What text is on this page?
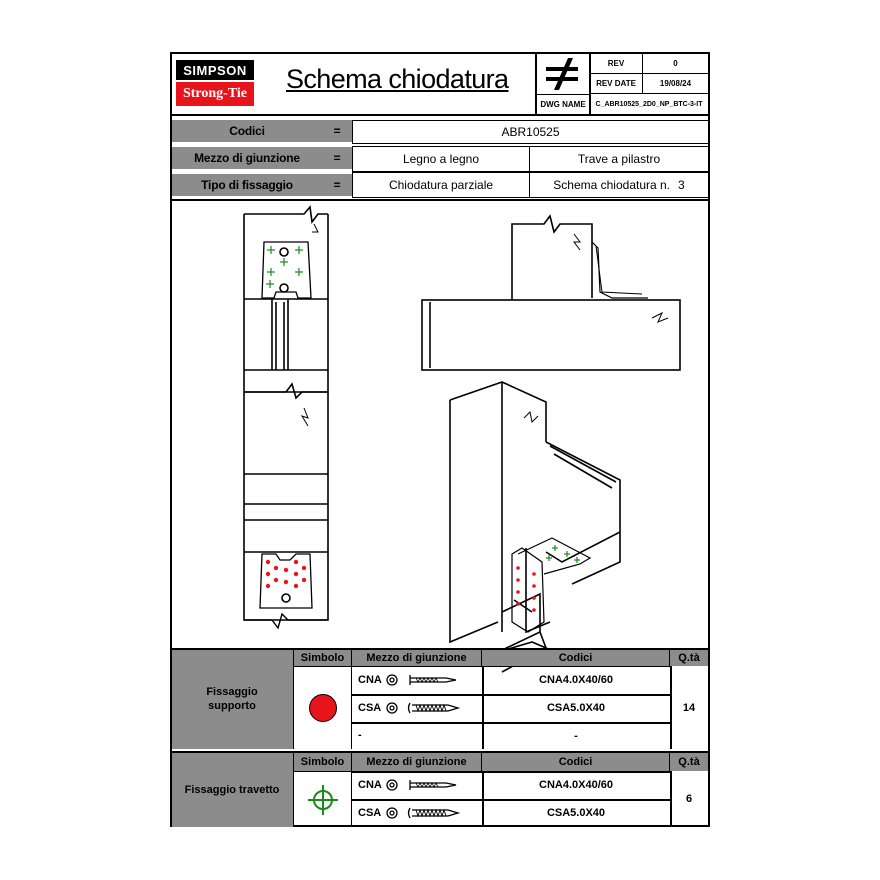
SIMPSON
Strong-Tie Schema chiodatura
DWG NAME
REV	0
REV DATE	19/08/24
C_ABR10525_2D0_NP_BTC-3-IT
Codici	=	ABR10525
Mezzo di giunzione	=	Legno a legno	Trave a pilastro
Tipo di fissaggio	=	Chiodatura parziale	Schema chiodatura n. 3
Fissaggio supporto
Simbolo	Mezzo di giunzione	Codici	Q.tà
CNA	CNA4.0X40/60
CSA	CSA5.0X40
-	-
14
Fissaggio travetto
Simbolo	Mezzo di giunzione	Codici	Q.tà
CNA	CNA4.0X40/60
CSA	CSA5.0X40
6
